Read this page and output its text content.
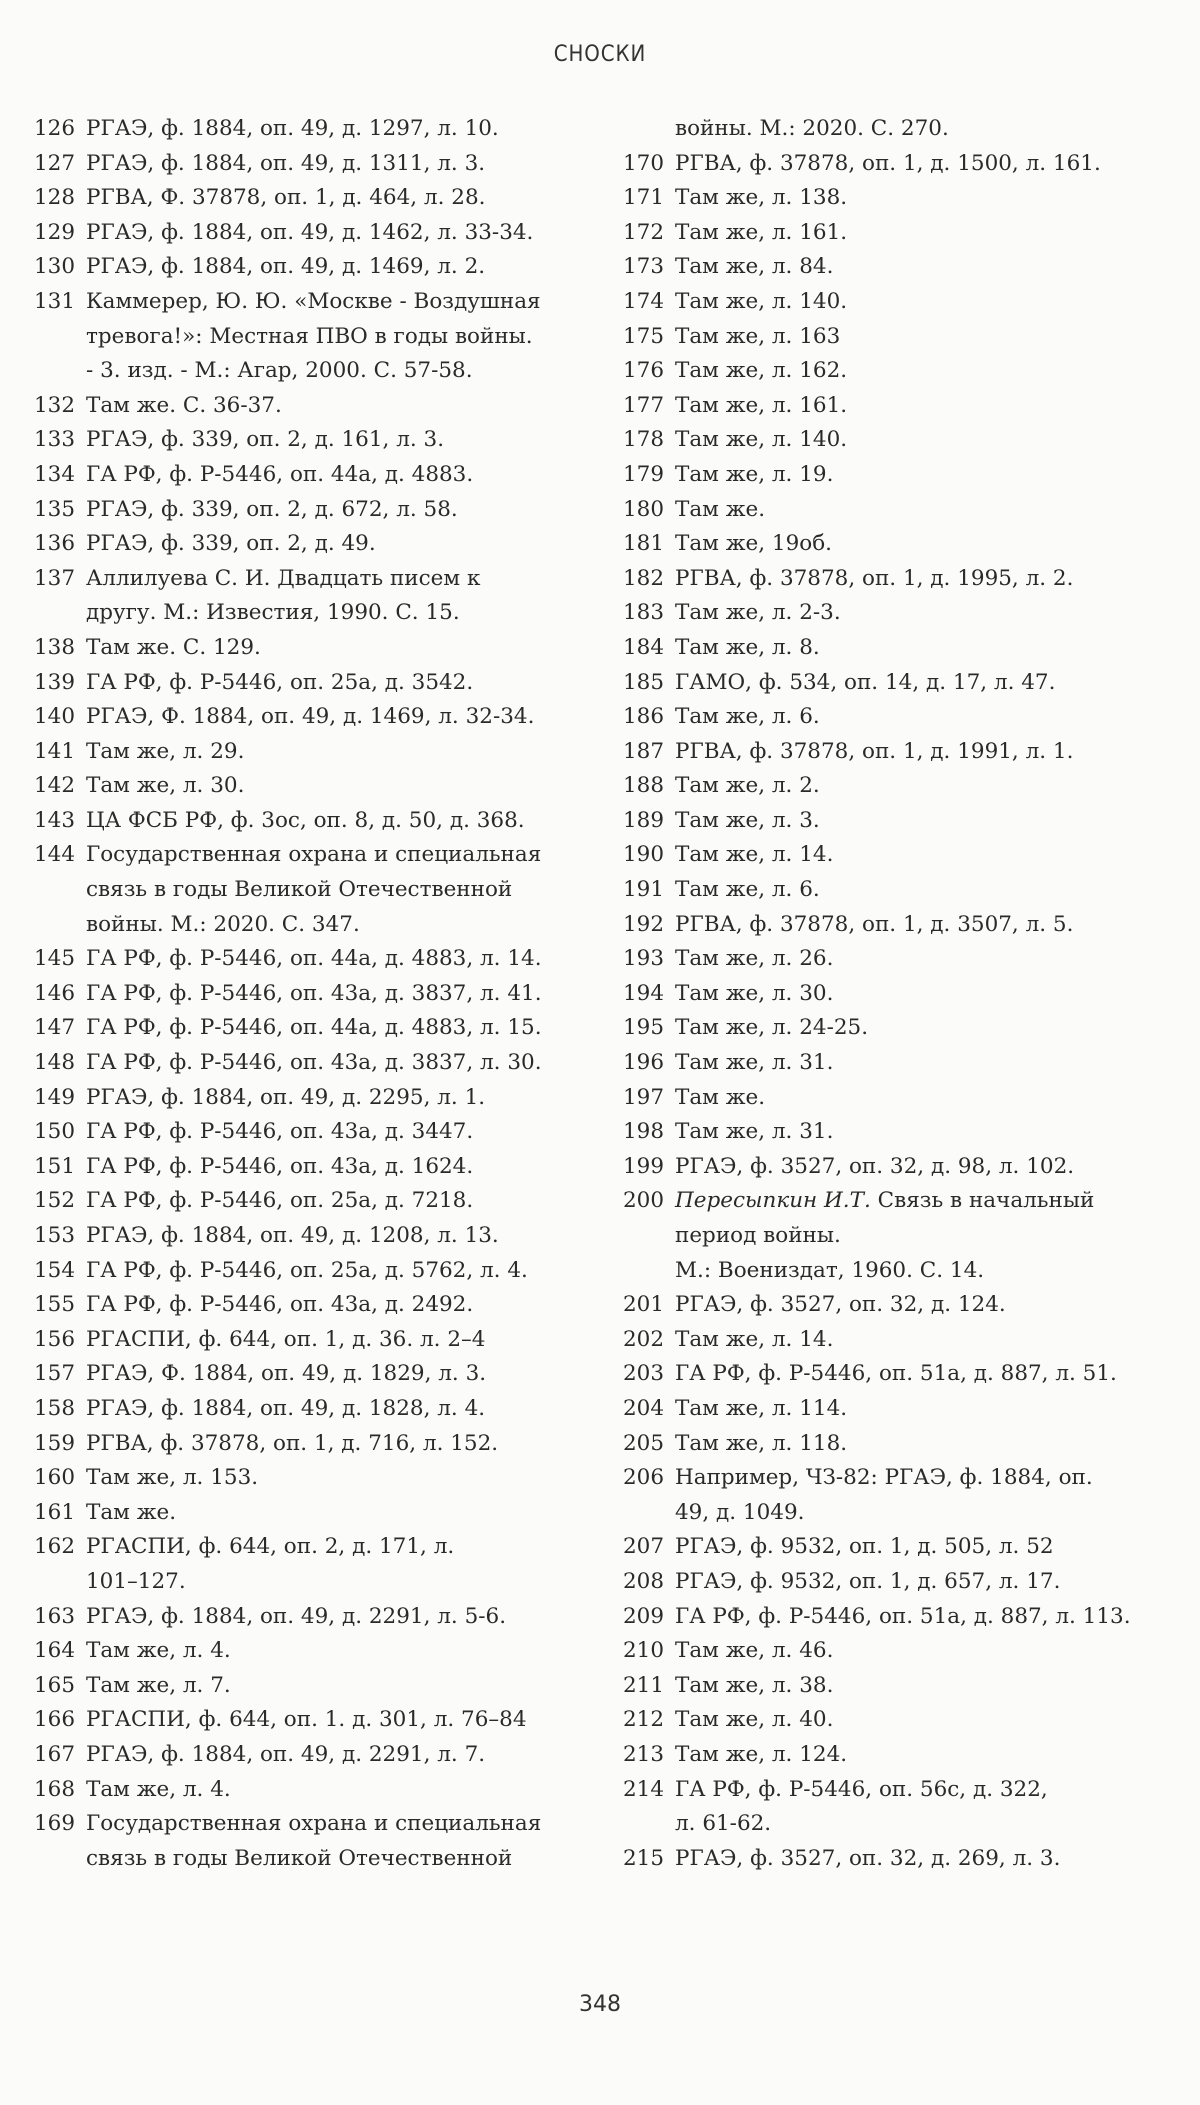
СНОСКИ
126 РГАЭ, ф. 1884, оп. 49, д. 1297, л. 10.
127 РГАЭ, ф. 1884, оп. 49, д. 1311, л. 3.
128 РГВА, Ф. 37878, оп. 1, д. 464, л. 28.
129 РГАЭ, ф. 1884, оп. 49, д. 1462, л. 33-34.
130 РГАЭ, ф. 1884, оп. 49, д. 1469, л. 2.
131 Каммерер, Ю. Ю. «Москве - Воздушная
тревога!»: Местная ПВО в годы войны.
- 3. изд. - М.: Агар, 2000. С. 57-58.
132 Там же. С. 36-37.
133 РГАЭ, ф. 339, оп. 2, д. 161, л. 3.
134 ГА РФ, ф. Р-5446, оп. 44а, д. 4883.
135 РГАЭ, ф. 339, оп. 2, д. 672, л. 58.
136 РГАЭ, ф. 339, оп. 2, д. 49.
137 Аллилуева С. И. Двадцать писем к
другу. М.: Известия, 1990. С. 15.
138 Там же. С. 129.
139 ГА РФ, ф. Р-5446, оп. 25а, д. 3542.
140 РГАЭ, Ф. 1884, оп. 49, д. 1469, л. 32-34.
141 Там же, л. 29.
142 Там же, л. 30.
143 ЦА ФСБ РФ, ф. 3ос, оп. 8, д. 50, д. 368.
144 Государственная охрана и специальная
связь в годы Великой Отечественной
войны. М.: 2020. С. 347.
145 ГА РФ, ф. Р-5446, оп. 44а, д. 4883, л. 14.
146 ГА РФ, ф. Р-5446, оп. 43а, д. 3837, л. 41.
147 ГА РФ, ф. Р-5446, оп. 44а, д. 4883, л. 15.
148 ГА РФ, ф. Р-5446, оп. 43а, д. 3837, л. 30.
149 РГАЭ, ф. 1884, оп. 49, д. 2295, л. 1.
150 ГА РФ, ф. Р-5446, оп. 43а, д. 3447.
151 ГА РФ, ф. Р-5446, оп. 43а, д. 1624.
152 ГА РФ, ф. Р-5446, оп. 25а, д. 7218.
153 РГАЭ, ф. 1884, оп. 49, д. 1208, л. 13.
154 ГА РФ, ф. Р-5446, оп. 25а, д. 5762, л. 4.
155 ГА РФ, ф. Р-5446, оп. 43а, д. 2492.
156 РГАСПИ, ф. 644, оп. 1, д. 36. л. 2–4
157 РГАЭ, Ф. 1884, оп. 49, д. 1829, л. 3.
158 РГАЭ, ф. 1884, оп. 49, д. 1828, л. 4.
159 РГВА, ф. 37878, оп. 1, д. 716, л. 152.
160 Там же, л. 153.
161 Там же.
162 РГАСПИ, ф. 644, оп. 2, д. 171, л.
101–127.
163 РГАЭ, ф. 1884, оп. 49, д. 2291, л. 5-6.
164 Там же, л. 4.
165 Там же, л. 7.
166 РГАСПИ, ф. 644, оп. 1. д. 301, л. 76–84
167 РГАЭ, ф. 1884, оп. 49, д. 2291, л. 7.
168 Там же, л. 4.
169 Государственная охрана и специальная
связь в годы Великой Отечественной
войны. М.: 2020. С. 270.
170 РГВА, ф. 37878, оп. 1, д. 1500, л. 161.
171 Там же, л. 138.
172 Там же, л. 161.
173 Там же, л. 84.
174 Там же, л. 140.
175 Там же, л. 163
176 Там же, л. 162.
177 Там же, л. 161.
178 Там же, л. 140.
179 Там же, л. 19.
180 Там же.
181 Там же, 19об.
182 РГВА, ф. 37878, оп. 1, д. 1995, л. 2.
183 Там же, л. 2-3.
184 Там же, л. 8.
185 ГАМО, ф. 534, оп. 14, д. 17, л. 47.
186 Там же, л. 6.
187 РГВА, ф. 37878, оп. 1, д. 1991, л. 1.
188 Там же, л. 2.
189 Там же, л. 3.
190 Там же, л. 14.
191 Там же, л. 6.
192 РГВА, ф. 37878, оп. 1, д. 3507, л. 5.
193 Там же, л. 26.
194 Там же, л. 30.
195 Там же, л. 24-25.
196 Там же, л. 31.
197 Там же.
198 Там же, л. 31.
199 РГАЭ, ф. 3527, оп. 32, д. 98, л. 102.
200 Пересыпкин И.Т. Связь в начальный
период войны.
М.: Воениздат, 1960. С. 14.
201 РГАЭ, ф. 3527, оп. 32, д. 124.
202 Там же, л. 14.
203 ГА РФ, ф. Р-5446, оп. 51а, д. 887, л. 51.
204 Там же, л. 114.
205 Там же, л. 118.
206 Например, ЧЗ-82: РГАЭ, ф. 1884, оп.
49, д. 1049.
207 РГАЭ, ф. 9532, оп. 1, д. 505, л. 52
208 РГАЭ, ф. 9532, оп. 1, д. 657, л. 17.
209 ГА РФ, ф. Р-5446, оп. 51а, д. 887, л. 113.
210 Там же, л. 46.
211 Там же, л. 38.
212 Там же, л. 40.
213 Там же, л. 124.
214 ГА РФ, ф. Р-5446, оп. 56с, д. 322,
л. 61-62.
215 РГАЭ, ф. 3527, оп. 32, д. 269, л. 3.
348
